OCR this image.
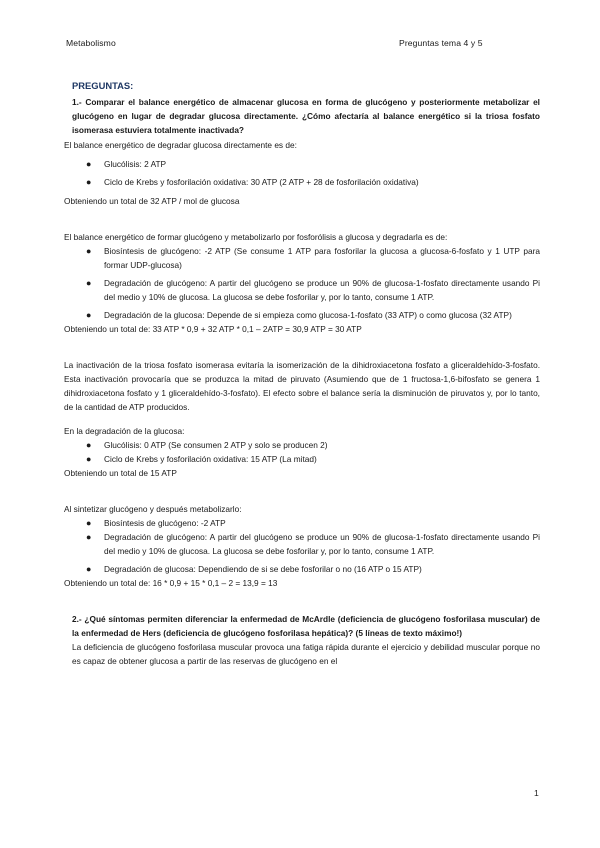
Metabolismo	Preguntas tema 4 y 5
PREGUNTAS:
1.- Comparar el balance energético de almacenar glucosa en forma de glucógeno y posteriormente metabolizar el glucógeno en lugar de degradar glucosa directamente. ¿Cómo afectaría al balance energético si la triosa fosfato isomerasa estuviera totalmente inactivada?

El balance energético de degradar glucosa directamente es de:

● Glucólisis: 2 ATP
● Ciclo de Krebs y fosforilación oxidativa: 30 ATP (2 ATP + 28 de fosforilación oxidativa)

Obteniendo un total de 32 ATP / mol de glucosa

El balance energético de formar glucógeno y metabolizarlo por fosforólisis a glucosa y degradarla es de:

● Biosíntesis de glucógeno: -2 ATP (Se consume 1 ATP para fosforilar la glucosa a glucosa-6-fosfato y 1 UTP para formar UDP-glucosa)
● Degradación de glucógeno: A partir del glucógeno se produce un 90% de glucosa-1-fosfato directamente usando Pi del medio y 10% de glucosa. La glucosa se debe fosforilar y, por lo tanto, consume 1 ATP.
● Degradación de la glucosa: Depende de si empieza como glucosa-1-fosfato (33 ATP) o como glucosa (32 ATP)

Obteniendo un total de: 33 ATP * 0,9 + 32 ATP * 0,1 – 2ATP = 30,9 ATP = 30 ATP

La inactivación de la triosa fosfato isomerasa evitaría la isomerización de la dihidroxiacetona fosfato a gliceraldehído-3-fosfato. Esta inactivación provocaría que se produzca la mitad de piruvato (Asumiendo que de 1 fructosa-1,6-bifosfato se genera 1 dihidroxiacetona fosfato y 1 gliceraldehído-3-fosfato). El efecto sobre el balance sería la disminución de piruvatos y, por lo tanto, de la cantidad de ATP producidos.

En la degradación de la glucosa:

● Glucólisis: 0 ATP (Se consumen 2 ATP y solo se producen 2)
● Ciclo de Krebs y fosforilación oxidativa: 15 ATP (La mitad)

Obteniendo un total de 15 ATP

Al sintetizar glucógeno y después metabolizarlo:

● Biosíntesis de glucógeno: -2 ATP
● Degradación de glucógeno: A partir del glucógeno se produce un 90% de glucosa-1-fosfato directamente usando Pi del medio y 10% de glucosa. La glucosa se debe fosforilar y, por lo tanto, consume 1 ATP.
● Degradación de glucosa: Dependiendo de si se debe fosforilar o no (16 ATP o 15 ATP)

Obteniendo un total de: 16 * 0,9 + 15 * 0,1 – 2 = 13,9 = 13

2.- ¿Qué síntomas permiten diferenciar la enfermedad de McArdle (deficiencia de glucógeno fosforilasa muscular) de la enfermedad de Hers (deficiencia de glucógeno fosforilasa hepática)? (5 líneas de texto máximo!)

La deficiencia de glucógeno fosforilasa muscular provoca una fatiga rápida durante el ejercicio y debilidad muscular porque no es capaz de obtener glucosa a partir de las reservas de glucógeno en el

1
